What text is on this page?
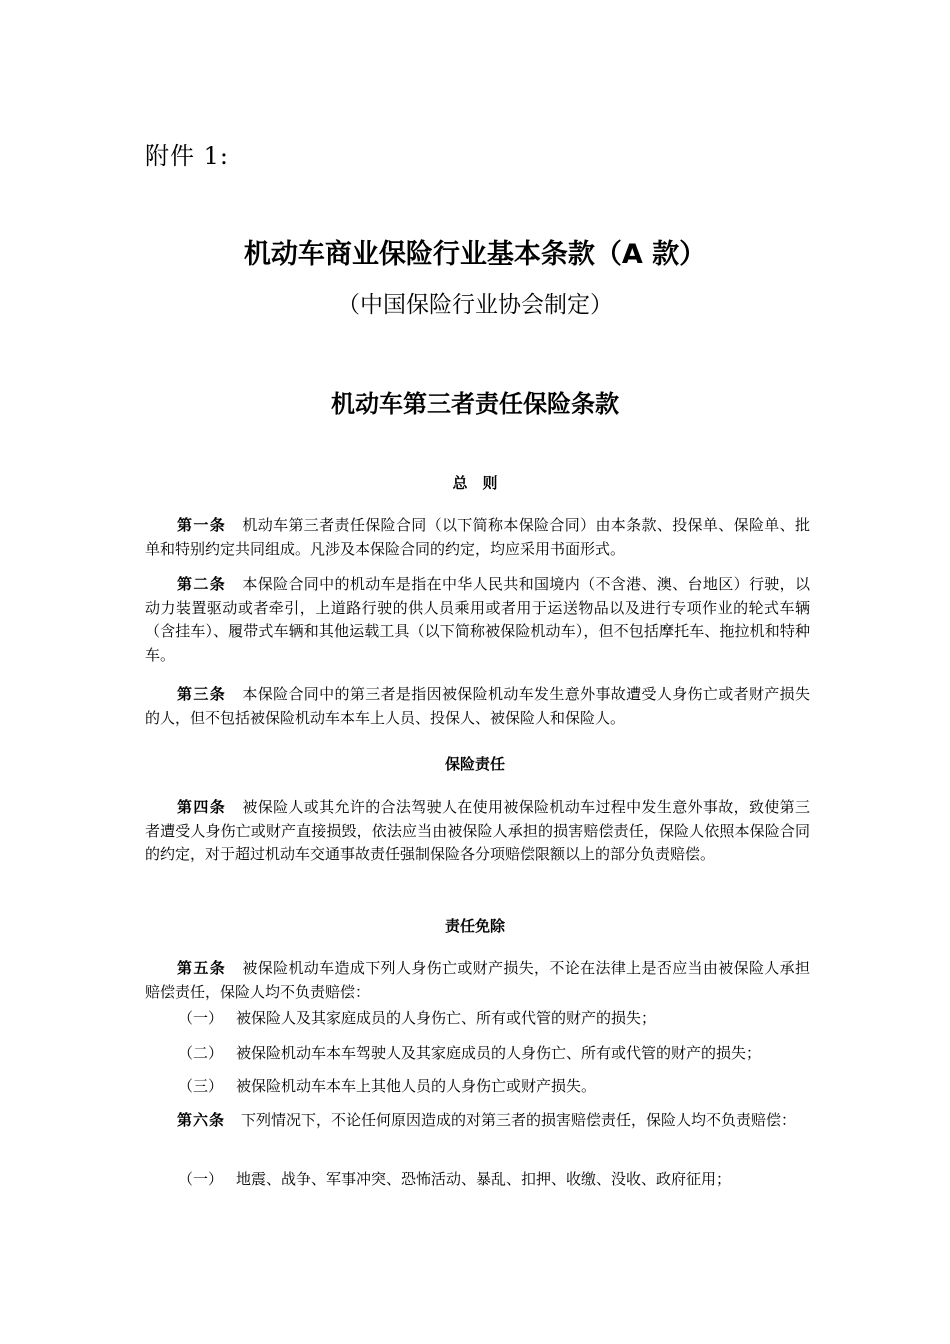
附件 1:
机动车商业保险行业基本条款（A 款）
（中国保险行业协会制定）
机动车第三者责任保险条款
总　则
第一条 机动车第三者责任保险合同（以下简称本保险合同）由本条款、投保单、保险单、批单和特别约定共同组成。凡涉及本保险合同的约定，均应采用书面形式。
第二条 本保险合同中的机动车是指在中华人民共和国境内（不含港、澳、台地区）行驶，以动力装置驱动或者牵引，上道路行驶的供人员乘用或者用于运送物品以及进行专项作业的轮式车辆（含挂车）、履带式车辆和其他运载工具（以下简称被保险机动车），但不包括摩托车、拖拉机和特种车。
第三条 本保险合同中的第三者是指因被保险机动车发生意外事故遭受人身伤亡或者财产损失的人，但不包括被保险机动车本车上人员、投保人、被保险人和保险人。
保险责任
第四条 被保险人或其允许的合法驾驶人在使用被保险机动车过程中发生意外事故，致使第三者遭受人身伤亡或财产直接损毁，依法应当由被保险人承担的损害赔偿责任，保险人依照本保险合同的约定，对于超过机动车交通事故责任强制保险各分项赔偿限额以上的部分负责赔偿。
责任免除
第五条 被保险机动车造成下列人身伤亡或财产损失，不论在法律上是否应当由被保险人承担赔偿责任，保险人均不负责赔偿：
（一） 被保险人及其家庭成员的人身伤亡、所有或代管的财产的损失；
（二） 被保险机动车本车驾驶人及其家庭成员的人身伤亡、所有或代管的财产的损失；
（三） 被保险机动车本车上其他人员的人身伤亡或财产损失。
第六条 下列情况下，不论任何原因造成的对第三者的损害赔偿责任，保险人均不负责赔偿：
（一） 地震、战争、军事冲突、恐怖活动、暴乱、扣押、收缴、没收、政府征用；
